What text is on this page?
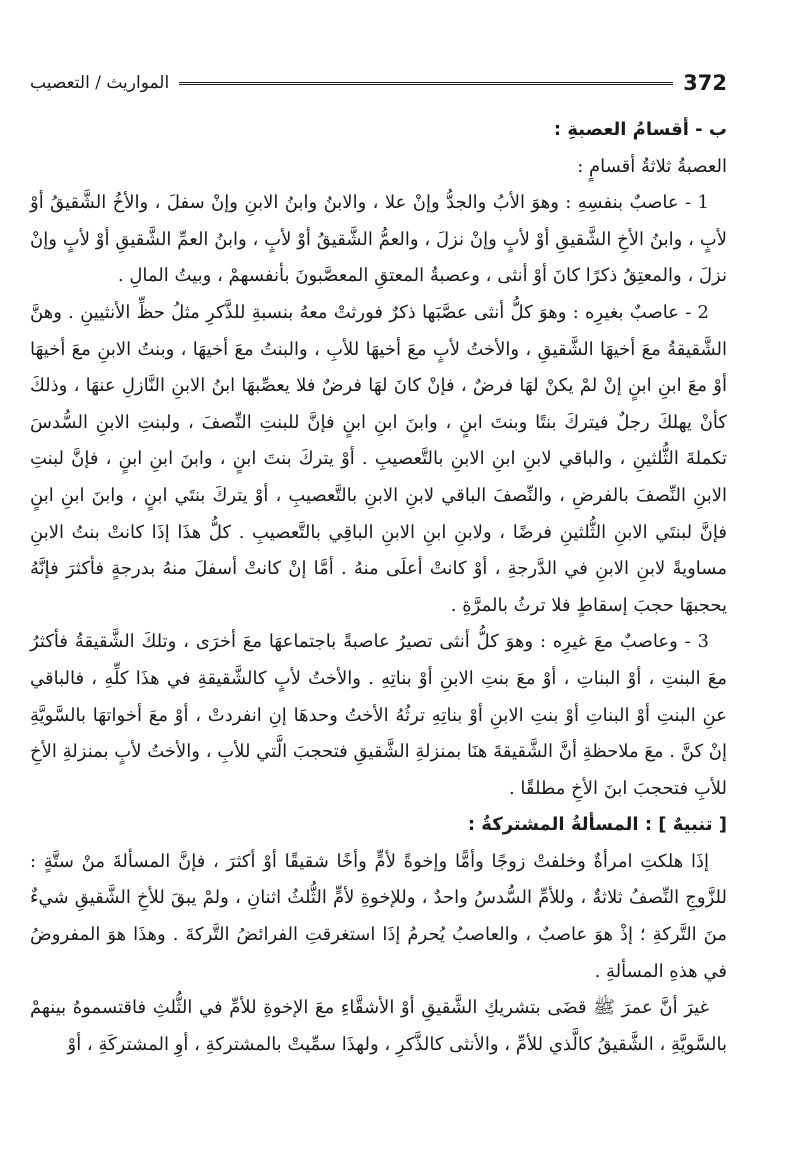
المواريث / التعصيب	372

ب - أقسامُ العصبةِ :

العصبةُ ثلاثةُ أقسامٍ :

1 - عاصبٌ بنفسِهِ : وهوَ الأبُ والجدُّ وإنْ علا ، والابنُ وابنُ الابنِ وإنْ سفلَ ، والأخُ الشَّقيقُ أوْ لأبٍ ، وابنُ الأخِ الشَّقيقِ أوْ لأبٍ وإنْ نزلَ ، والعمُّ الشَّقيقُ أوْ لأبٍ ، وابنُ العمِّ الشَّقيقِ أوْ لأبٍ وإنْ نزلَ ، والمعتِقُ ذكرًا كانَ أوْ أنثى ، وعصبةُ المعتقِ المعصَّبونَ بأنفسهمْ ، وبيتُ المالِ .

2 - عاصبٌ بغيرِه : وهوَ كلُّ أنثى عصَّبَها ذكرٌ فورثتْ معهُ بنسبةِ للذَّكرِ مثلُ حظِّ الأنثيينِ . وهنَّ الشَّقيقةُ معَ أخيهَا الشَّقيقِ ، والأختُ لأبٍ معَ أخيهَا للأبِ ، والبنتُ معَ أخيهَا ، وبنتُ الابنِ معَ أخيهَا أوْ معَ ابنِ ابنٍ إنْ لمْ يكنْ لهَا فرضٌ ، فإنْ كانَ لهَا فرضٌ فلا يعصِّبهَا ابنُ الابنِ النَّازلِ عنهَا ، وذلكَ كأنْ يهلكَ رجلٌ فيتركَ بنتًا وبنتَ ابنٍ ، وابنَ ابنِ ابنٍ فإنَّ للبنتِ النِّصفَ ، ولبنتِ الابنِ السُّدسَ تكملةَ الثُّلثينِ ، والباقي لابنِ ابنِ الابنِ بالتَّعصيبِ . أوْ يتركَ بنتَ ابنٍ ، وابنَ ابنِ ابنٍ ، فإنَّ لبنتِ الابنِ النِّصفَ بالفرضِ ، والنِّصفَ الباقي لابنِ الابنِ بالتَّعصيبِ ، أوْ يتركَ بنتَي ابنٍ ، وابنَ ابنِ ابنٍ فإنَّ لبنتَي الابنِ الثُّلثينِ فرضًا ، ولابنِ ابنِ الابنِ الباقِي بالتَّعصيبِ . كلُّ هذَا إذَا كانتْ بنتُ الابنِ مساويةً لابنِ الابنِ في الدَّرجةِ ، أوْ كانتْ أعلَى منهُ . أمَّا إنْ كانتْ أسفلَ منهُ بدرجةٍ فأكثرَ فإنَّهُ يحجبهَا حجبَ إسقاطٍ فلا ترثُ بالمرَّةِ .

3 - وعاصبٌ معَ غيرِه : وهوَ كلُّ أنثى تصيرُ عاصبةً باجتماعهَا معَ أخرَى ، وتلكَ الشَّقيقةُ فأكثرُ معَ البنتِ ، أوْ البناتِ ، أوْ معَ بنتِ الابنِ أوْ بناتِهِ . والأختُ لأبٍ كالشَّقيقةِ في هذَا كلِّهِ ، فالباقي عنِ البنتِ أوْ البناتِ أوْ بنتِ الابنِ أوْ بناتِهِ ترثُهُ الأختُ وحدهَا إنِ انفردتْ ، أوْ معَ أخواتهَا بالسَّويَّةِ إنْ كنَّ . معَ ملاحظةِ أنَّ الشَّقيقةَ هنَا بمنزلةِ الشَّقيقِ فتحجبَ الَّتي للأبِ ، والأختُ لأبٍ بمنزلةِ الأخِ للأبِ فتحجبَ ابنَ الأخِ مطلقًا .

[ تنبيهٌ ] : المسألةُ المشتركةُ :

إذَا هلكتِ امرأةٌ وخلفتْ زوجًا وأمًّا وإخوةً لأمٍّ وأخًا شقيقًا أوْ أكثرَ ، فإنَّ المسألةَ منْ ستَّةٍ : للزَّوجِ النِّصفُ ثلاثةٌ ، وللأمِّ السُّدسُ واحدٌ ، وللإخوةِ لأمٍّ الثُّلثُ اثنانِ ، ولمْ يبقَ للأخِ الشَّقيقِ شيءٌ منَ التَّركةِ ؛ إذْ هوَ عاصبٌ ، والعاصبُ يُحرمُ إذَا استغرقتِ الفرائضُ التَّركةَ . وهذَا هوَ المفروضُ في هذهِ المسألةِ .

غيرَ أنَّ عمرَ ﷺ قضَى بتشريكِ الشَّقيقِ أوْ الأشقَّاءِ معَ الإخوةِ للأمِّ في الثُّلثِ فاقتسموهُ بينهمْ بالسَّويَّةِ ، الشَّقيقُ كالَّذي للأمِّ ، والأنثى كالذَّكرِ ، ولهذَا سمِّيتْ بالمشتركةِ ، أوِ المشتركَةِ ، أوْ
